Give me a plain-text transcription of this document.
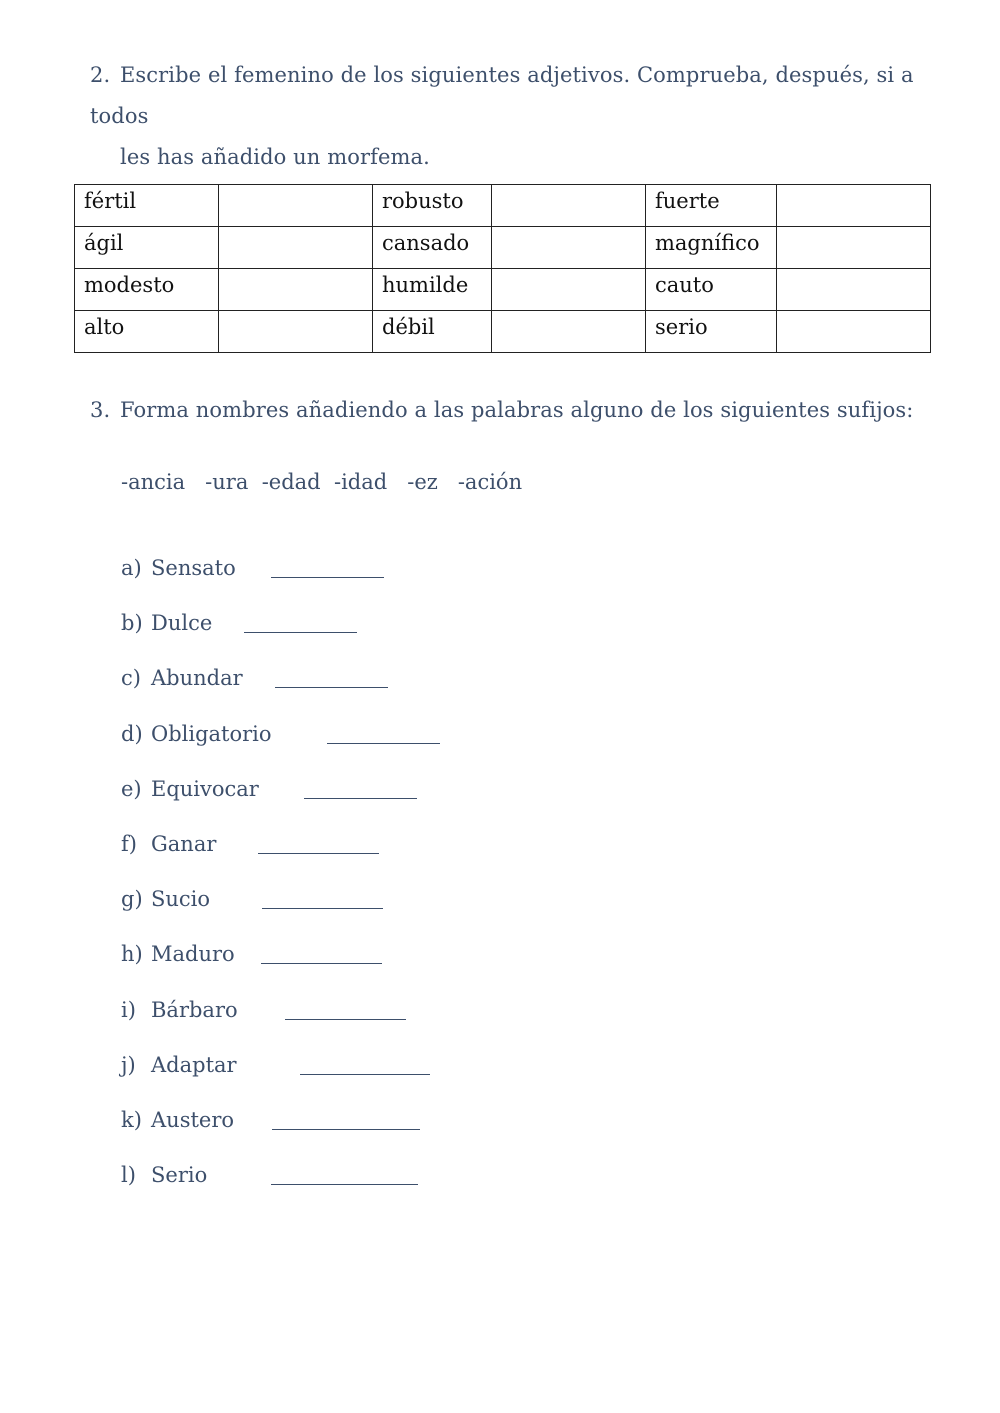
2. Escribe el femenino de los siguientes adjetivos. Comprueba, después, si a todos
les has añadido un morfema.
fértil		robusto		fuerte	
ágil		cansado		magnífico	
modesto		humilde		cauto	
alto		débil		serio	
3. Forma nombres añadiendo a las palabras alguno de los siguientes sufijos:
-ancia   -ura  -edad  -idad   -ez   -ación
a) Sensato
b) Dulce
c) Abundar
d) Obligatorio
e) Equivocar
f) Ganar
g) Sucio
h) Maduro
i) Bárbaro
j) Adaptar
k) Austero
l) Serio
